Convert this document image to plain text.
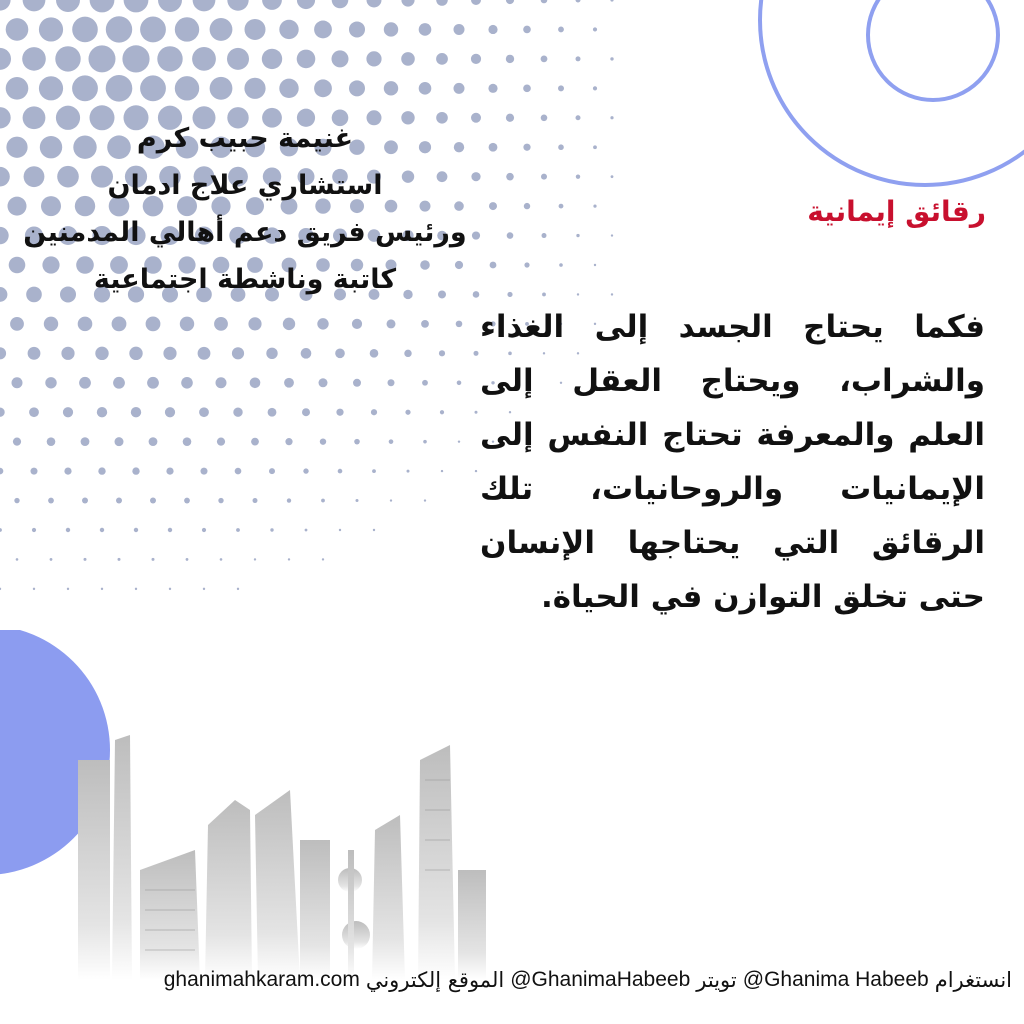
غنيمة حبيب كرم
استشاري علاج ادمان
ورئيس فريق دعم أهالي المدمنين
كاتبة وناشطة اجتماعية
رقائق إيمانية
فكما يحتاج الجسد إلى الغذاء والشراب، ويحتاج العقل إلى العلم والمعرفة تحتاج النفس إلى الإيمانيات والروحانيات، تلك الرقائق التي يحتاجها الإنسان حتى تخلق التوازن في الحياة.
انستغرام
@Ghanima Habeeb
تويتر
@GhanimaHabeeb
الموقع إلكتروني
ghanimahkaram.com
